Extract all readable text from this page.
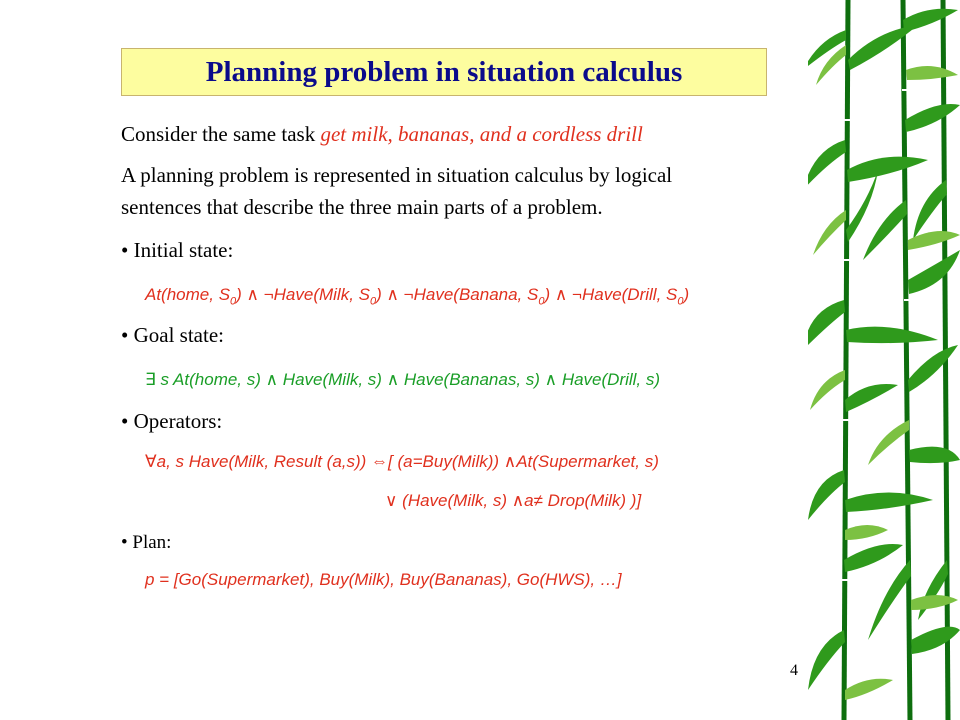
Planning problem in situation calculus
Consider the same task get milk, bananas, and a cordless drill
A planning problem is represented in situation calculus by logical
sentences that describe the three main parts of a problem.
• Initial state:
At(home, $S_0$) ∧ ¬Have(Milk, $S_0$) ∧ ¬Have(Banana, $S_0$) ∧ ¬Have(Drill, $S_0$)
• Goal state:
∃ s At(home, s) ∧ Have(Milk, s) ∧ Have(Bananas, s) ∧ Have(Drill, s)
• Operators:
∀a, s Have(Milk, Result (a,s)) ⇔[ (a=Buy(Milk)) ∧At(Supermarket, s)
∨ (Have(Milk, s) ∧a≠ Drop(Milk) )]
• Plan:
p = [Go(Supermarket), Buy(Milk), Buy(Bananas), Go(HWS), …]
4
